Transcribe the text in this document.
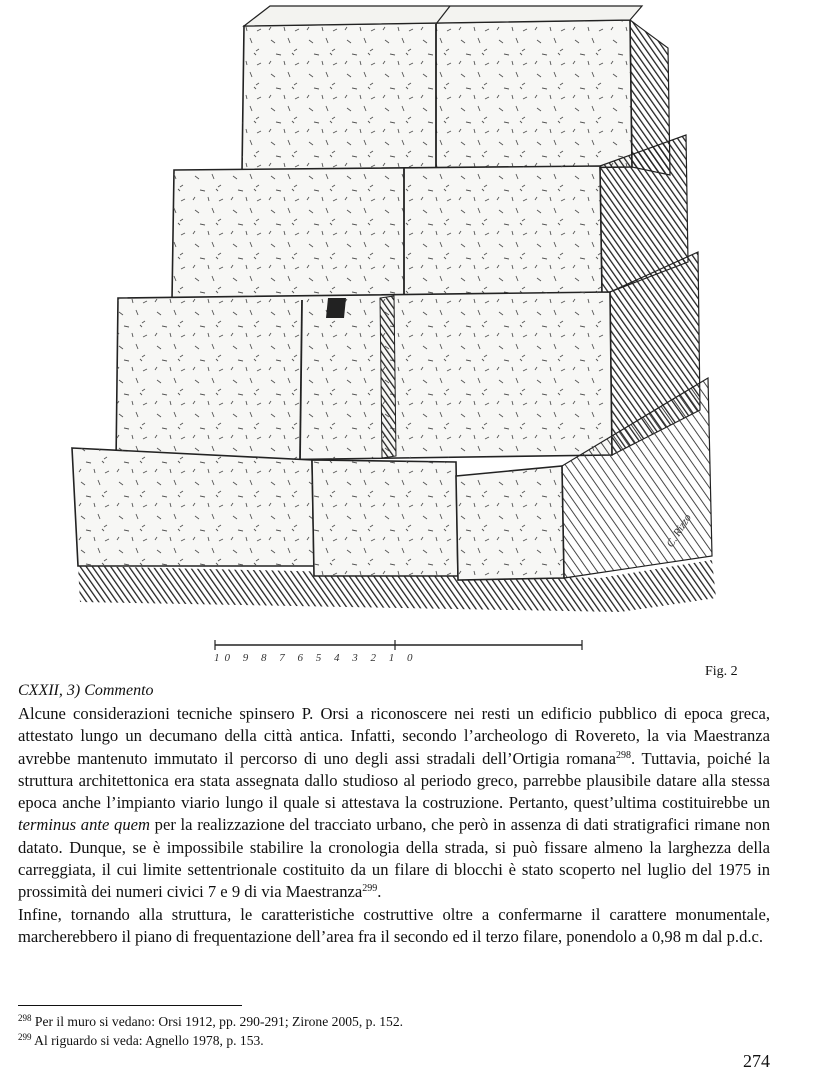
10 9 8 7 6 5 4 3 2 1 0
C. Rizzo
Fig. 2
CXXII, 3) Commento

Alcune considerazioni tecniche spinsero P. Orsi a riconoscere nei resti un edificio pubblico di epoca greca, attestato lungo un decumano della città antica. Infatti, secondo l’archeologo di Rovereto, la via Maestranza avrebbe mantenuto immutato il percorso di uno degli assi stradali dell’Ortigia romana$^{298}$. Tuttavia, poiché la struttura architettonica era stata assegnata dallo studioso al periodo greco, parrebbe plausibile datare alla stessa epoca anche l’impianto viario lungo il quale si attestava la costruzione. Pertanto, quest’ultima costituirebbe un terminus ante quem per la realizzazione del tracciato urbano, che però in assenza di dati stratigrafici rimane non datato. Dunque, se è impossibile stabilire la cronologia della strada, si può fissare almeno la larghezza della carreggiata, il cui limite settentrionale costituito da un filare di blocchi è stato scoperto nel luglio del 1975 in prossimità dei numeri civici 7 e 9 di via Maestranza$^{299}$.

Infine, tornando alla struttura, le caratteristiche costruttive oltre a confermarne il carattere monumentale, marcherebbero il piano di frequentazione dell’area fra il secondo ed il terzo filare, ponendolo a 0,98 m dal p.d.c.

$^{298}$ Per il muro si vedano: Orsi 1912, pp. 290-291; Zirone 2005, p. 152.

$^{299}$ Al riguardo si veda: Agnello 1978, p. 153.

274
